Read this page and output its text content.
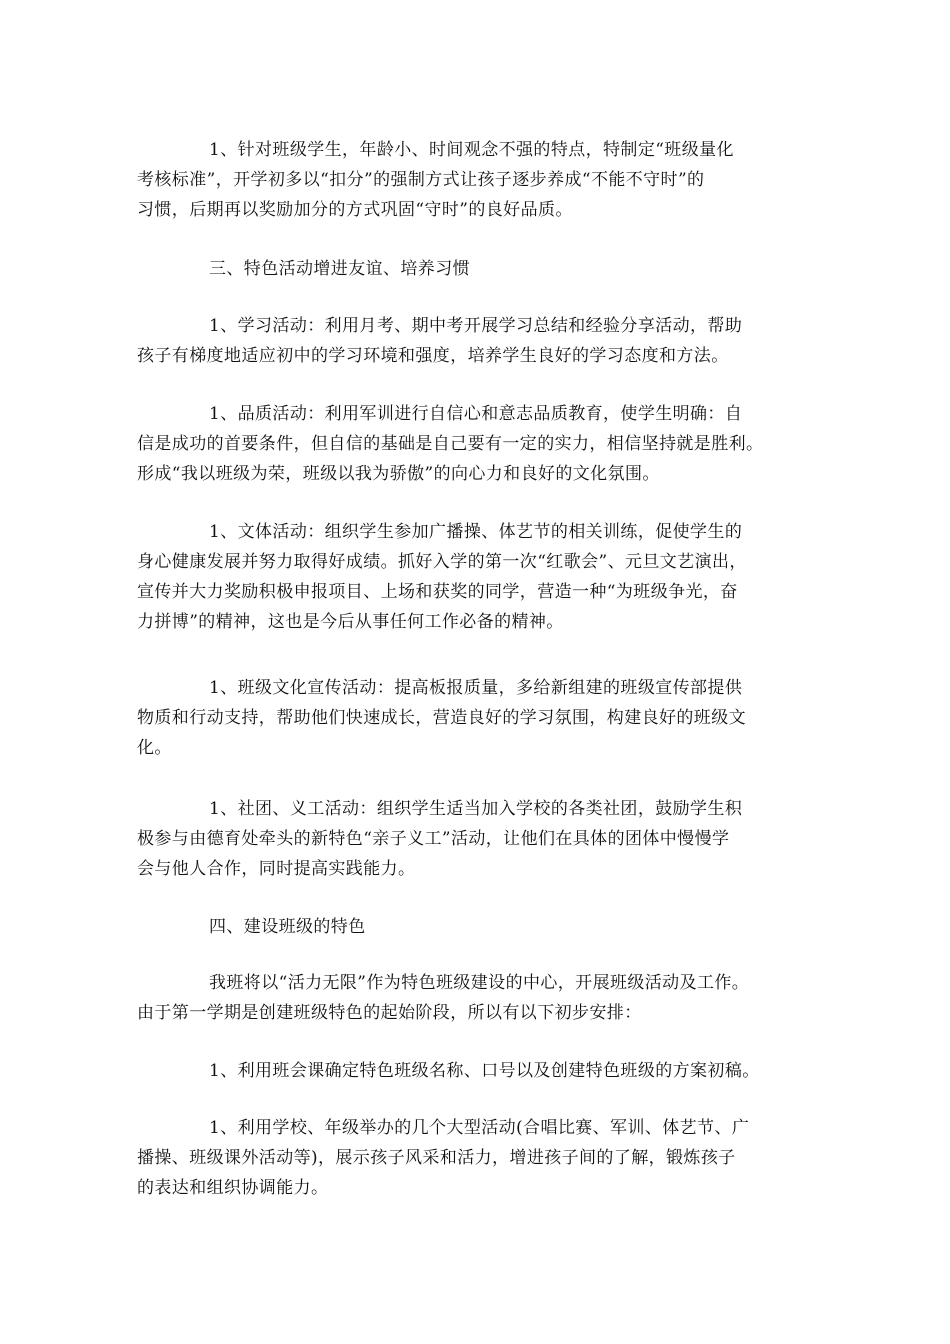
1、针对班级学生，年龄小、时间观念不强的特点，特制定“班级量化
考核标准”，开学初多以“扣分”的强制方式让孩子逐步养成“不能不守时”的
习惯，后期再以奖励加分的方式巩固“守时”的良好品质。
三、特色活动增进友谊、培养习惯
1、学习活动：利用月考、期中考开展学习总结和经验分享活动，帮助
孩子有梯度地适应初中的学习环境和强度，培养学生良好的学习态度和方法。
1、品质活动：利用军训进行自信心和意志品质教育，使学生明确：自
信是成功的首要条件，但自信的基础是自己要有一定的实力，相信坚持就是胜利。
形成“我以班级为荣，班级以我为骄傲”的向心力和良好的文化氛围。
1、文体活动：组织学生参加广播操、体艺节的相关训练，促使学生的
身心健康发展并努力取得好成绩。抓好入学的第一次“红歌会”、元旦文艺演出，
宣传并大力奖励积极申报项目、上场和获奖的同学，营造一种“为班级争光，奋
力拼博”的精神，这也是今后从事任何工作必备的精神。
1、班级文化宣传活动：提高板报质量，多给新组建的班级宣传部提供
物质和行动支持，帮助他们快速成长，营造良好的学习氛围，构建良好的班级文
化。
1、社团、义工活动：组织学生适当加入学校的各类社团，鼓励学生积
极参与由德育处牵头的新特色“亲子义工”活动，让他们在具体的团体中慢慢学
会与他人合作，同时提高实践能力。
四、建设班级的特色
我班将以“活力无限”作为特色班级建设的中心，开展班级活动及工作。
由于第一学期是创建班级特色的起始阶段，所以有以下初步安排：
1、利用班会课确定特色班级名称、口号以及创建特色班级的方案初稿。
1、利用学校、年级举办的几个大型活动(合唱比赛、军训、体艺节、广
播操、班级课外活动等)，展示孩子风采和活力，增进孩子间的了解，锻炼孩子
的表达和组织协调能力。
